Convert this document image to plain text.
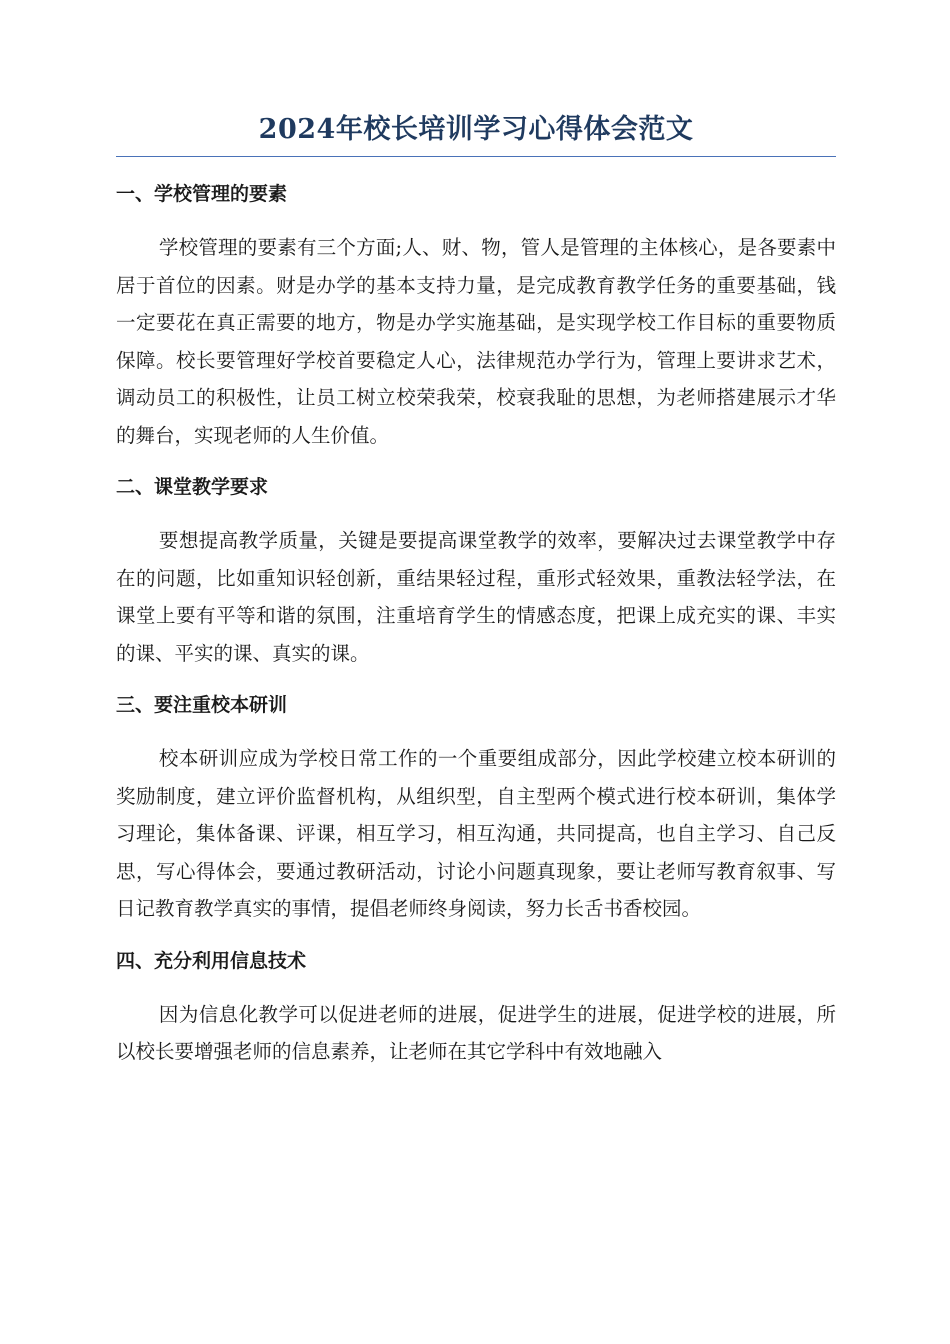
2024年校长培训学习心得体会范文
一、学校管理的要素

学校管理的要素有三个方面;人、财、物，管人是管理的主体核心，是各要素中居于首位的因素。财是办学的基本支持力量，是完成教育教学任务的重要基础，钱一定要花在真正需要的地方，物是办学实施基础，是实现学校工作目标的重要物质保障。校长要管理好学校首要稳定人心，法律规范办学行为，管理上要讲求艺术，调动员工的积极性，让员工树立校荣我荣，校衰我耻的思想，为老师搭建展示才华的舞台，实现老师的人生价值。

二、课堂教学要求

要想提高教学质量，关键是要提高课堂教学的效率，要解决过去课堂教学中存在的问题，比如重知识轻创新，重结果轻过程，重形式轻效果，重教法轻学法，在课堂上要有平等和谐的氛围，注重培育学生的情感态度，把课上成充实的课、丰实的课、平实的课、真实的课。

三、要注重校本研训

校本研训应成为学校日常工作的一个重要组成部分，因此学校建立校本研训的奖励制度，建立评价监督机构，从组织型，自主型两个模式进行校本研训，集体学习理论，集体备课、评课，相互学习，相互沟通，共同提高，也自主学习、自己反思，写心得体会，要通过教研活动，讨论小问题真现象，要让老师写教育叙事、写日记教育教学真实的事情，提倡老师终身阅读，努力长舌书香校园。

四、充分利用信息技术

因为信息化教学可以促进老师的进展，促进学生的进展，促进学校的进展，所以校长要增强老师的信息素养，让老师在其它学科中有效地融入
